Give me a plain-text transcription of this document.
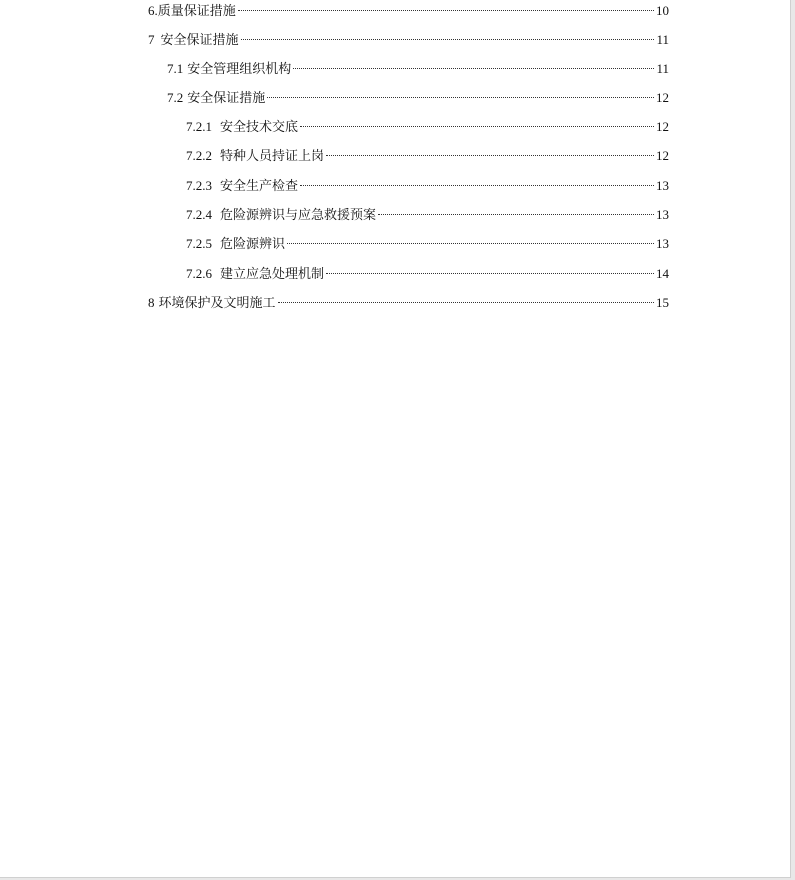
6.质量保证措施	10
7 安全保证措施	11
7.1 安全管理组织机构	11
7.2 安全保证措施	12
7.2.1 安全技术交底	12
7.2.2 特种人员持证上岗	12
7.2.3 安全生产检查	13
7.2.4 危险源辨识与应急救援预案	13
7.2.5 危险源辨识	13
7.2.6 建立应急处理机制	14
8 环境保护及文明施工	15
